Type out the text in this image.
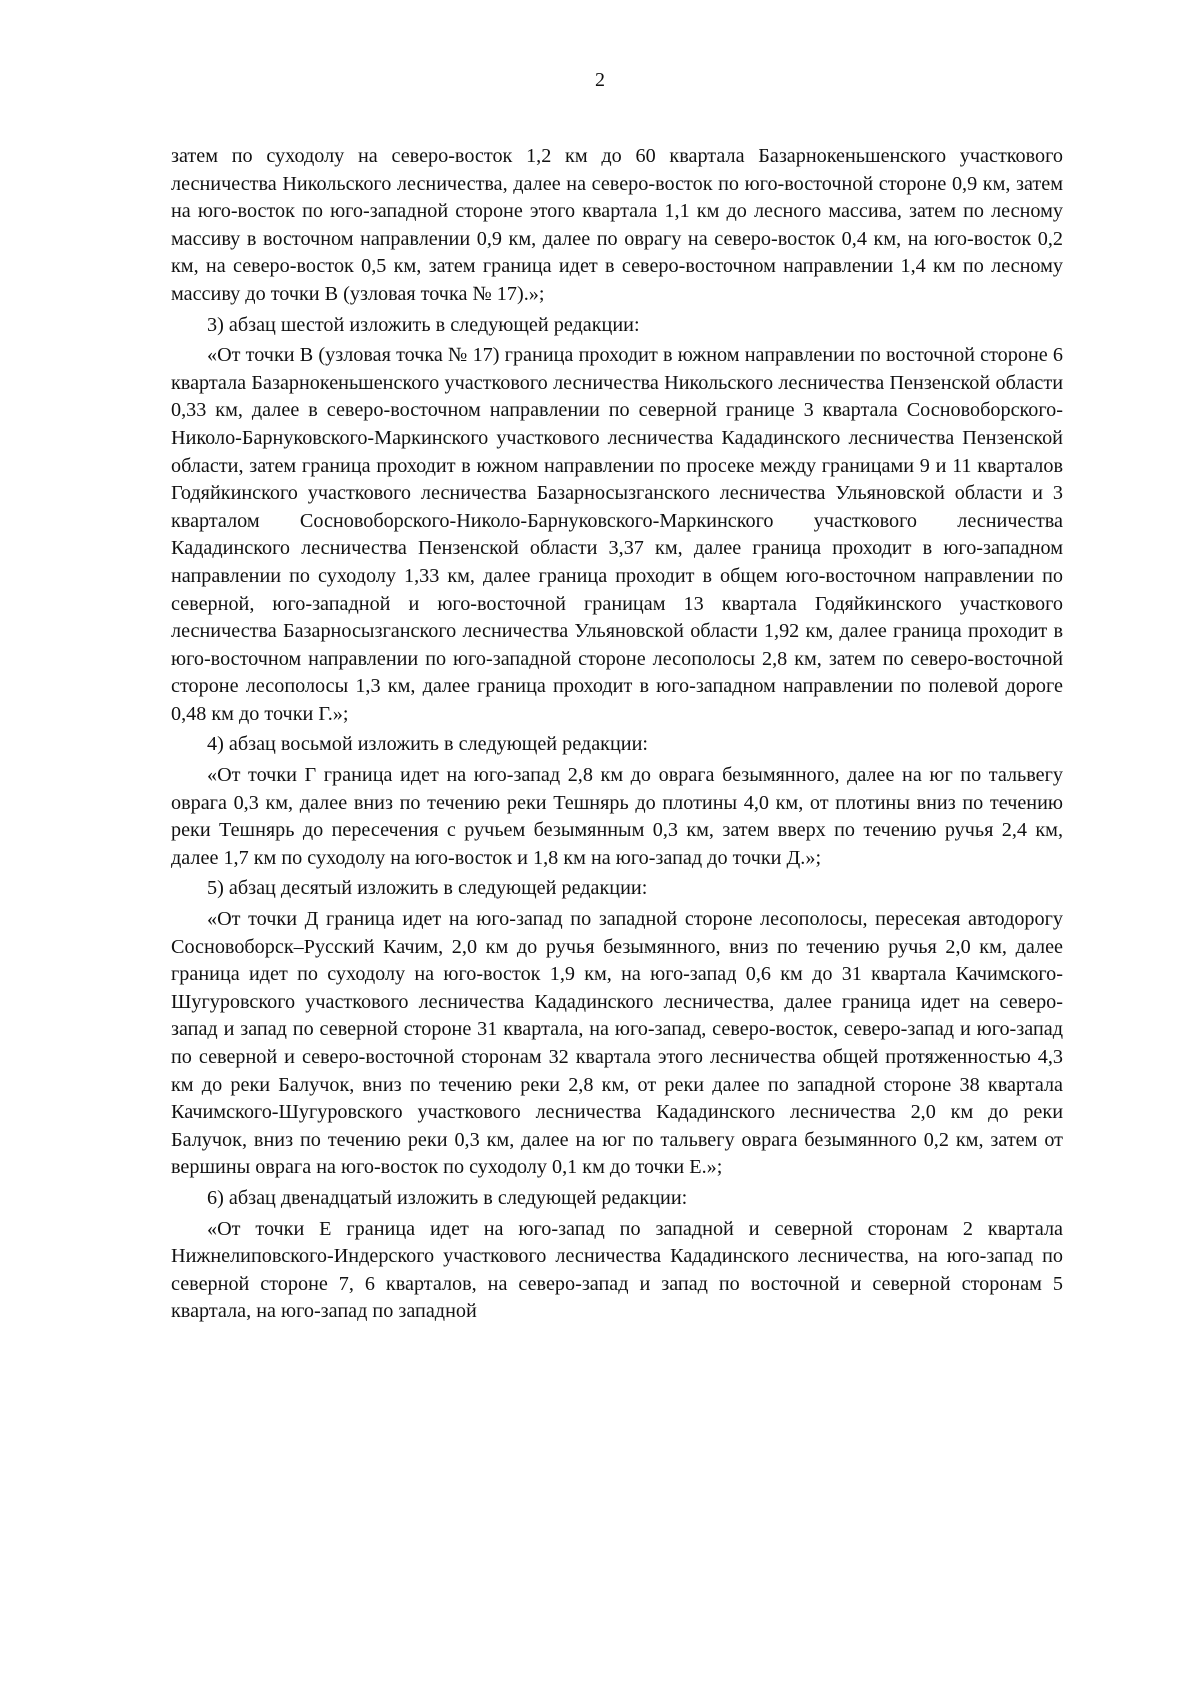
2

затем по суходолу на северо-восток 1,2 км до 60 квартала Базарнокеньшенского участкового лесничества Никольского лесничества, далее на северо-восток по юго-восточной стороне 0,9 км, затем на юго-восток по юго-западной стороне этого квартала 1,1 км до лесного массива, затем по лесному массиву в восточном направлении 0,9 км, далее по оврагу на северо-восток 0,4 км, на юго-восток 0,2 км, на северо-восток 0,5 км, затем граница идет в северо-восточном направлении 1,4 км по лесному массиву до точки В (узловая точка № 17).»;

3) абзац шестой изложить в следующей редакции:

«От точки В (узловая точка № 17) граница проходит в южном направлении по восточной стороне 6 квартала Базарнокеньшенского участкового лесничества Никольского лесничества Пензенской области 0,33 км, далее в северо-восточном направлении по северной границе 3 квартала Сосновоборского-Николо-Барнуковского-Маркинского участкового лесничества Кададинского лесничества Пензенской области, затем граница проходит в южном направлении по просеке между границами 9 и 11 кварталов Годяйкинского участкового лесничества Базарносызганского лесничества Ульяновской области и 3 кварталом Сосновоборского-Николо-Барнуковского-Маркинского участкового лесничества Кададинского лесничества Пензенской области 3,37 км, далее граница проходит в юго-западном направлении по суходолу 1,33 км, далее граница проходит в общем юго-восточном направлении по северной, юго-западной и юго-восточной границам 13 квартала Годяйкинского участкового лесничества Базарносызганского лесничества Ульяновской области 1,92 км, далее граница проходит в юго-восточном направлении по юго-западной стороне лесополосы 2,8 км, затем по северо-восточной стороне лесополосы 1,3 км, далее граница проходит в юго-западном направлении по полевой дороге 0,48 км до точки Г.»;

4) абзац восьмой изложить в следующей редакции:

«От точки Г граница идет на юго-запад 2,8 км до оврага безымянного, далее на юг по тальвегу оврага 0,3 км, далее вниз по течению реки Тешнярь до плотины 4,0 км, от плотины вниз по течению реки Тешнярь до пересечения с ручьем безымянным 0,3 км, затем вверх по течению ручья 2,4 км, далее 1,7 км по суходолу на юго-восток и 1,8 км на юго-запад до точки Д.»;

5) абзац десятый изложить в следующей редакции:

«От точки Д граница идет на юго-запад по западной стороне лесополосы, пересекая автодорогу Сосновоборск–Русский Качим, 2,0 км до ручья безымянного, вниз по течению ручья 2,0 км, далее граница идет по суходолу на юго-восток 1,9 км, на юго-запад 0,6 км до 31 квартала Качимского-Шугуровского участкового лесничества Кададинского лесничества, далее граница идет на северо-запад и запад по северной стороне 31 квартала, на юго-запад, северо-восток, северо-запад и юго-запад по северной и северо-восточной сторонам 32 квартала этого лесничества общей протяженностью 4,3 км до реки Балучок, вниз по течению реки 2,8 км, от реки далее по западной стороне 38 квартала Качимского-Шугуровского участкового лесничества Кададинского лесничества 2,0 км до реки Балучок, вниз по течению реки 0,3 км, далее на юг по тальвегу оврага безымянного 0,2 км, затем от вершины оврага на юго-восток по суходолу 0,1 км до точки Е.»;

6) абзац двенадцатый изложить в следующей редакции:

«От точки Е граница идет на юго-запад по западной и северной сторонам 2 квартала Нижнелиповского-Индерского участкового лесничества Кададинского лесничества, на юго-запад по северной стороне 7, 6 кварталов, на северо-запад и запад по восточной и северной сторонам 5 квартала, на юго-запад по западной
